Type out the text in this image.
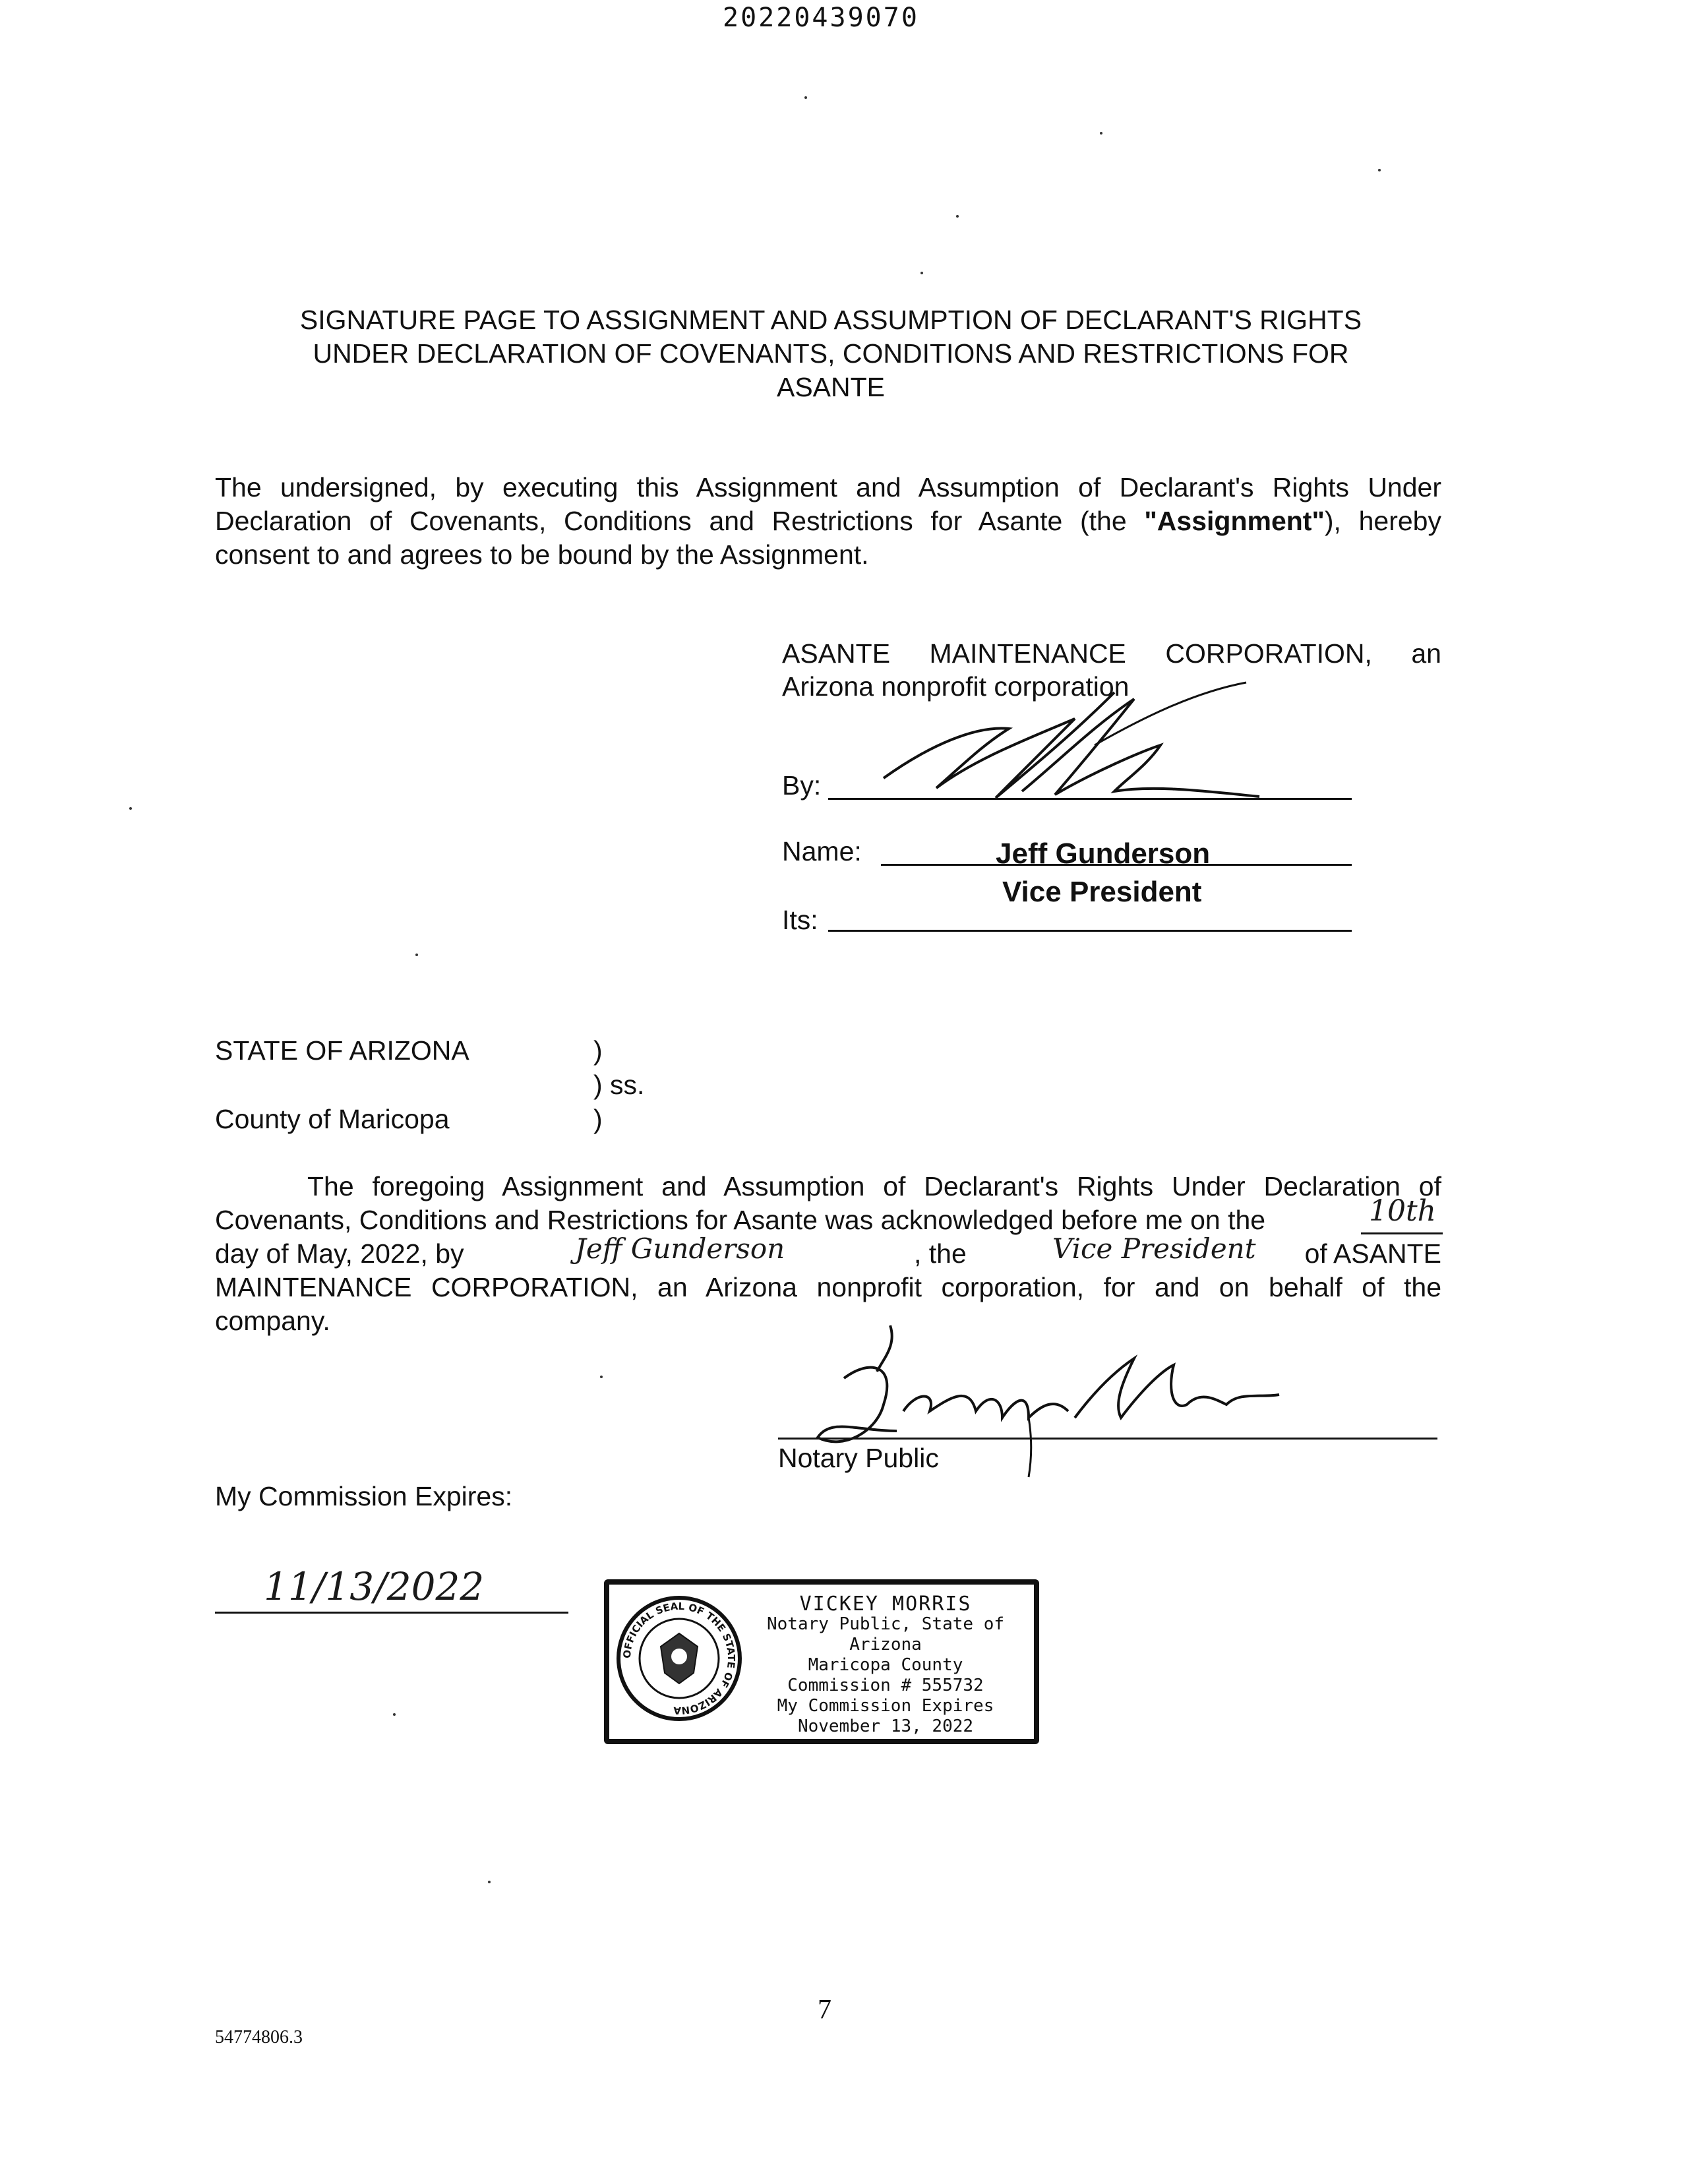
20220439070
SIGNATURE PAGE TO ASSIGNMENT AND ASSUMPTION OF DECLARANT'S RIGHTS
UNDER DECLARATION OF COVENANTS, CONDITIONS AND RESTRICTIONS FOR
ASANTE
The undersigned, by executing this Assignment and Assumption of Declarant's Rights Under
Declaration of Covenants, Conditions and Restrictions for Asante (the "Assignment"), hereby
consent to and agrees to be bound by the Assignment.
ASANTE MAINTENANCE CORPORATION, an
Arizona nonprofit corporation
By:
Name:	Jeff Gunderson
Vice President
Its:
STATE OF ARIZONA	)
) ss.
County of Maricopa	)
The foregoing Assignment and Assumption of Declarant's Rights Under Declaration of
Covenants, Conditions and Restrictions for Asante was acknowledged before me on the	10th
day of May, 2022, by	Jeff Gunderson	, the	Vice President of ASANTE
MAINTENANCE CORPORATION, an Arizona nonprofit corporation, for and on behalf of the
company.
Notary Public
My Commission Expires:
11/13/2022
OFFICIAL SEAL OF THE STATE OF ARIZONA
VICKEY MORRIS
Notary Public, State of Arizona
Maricopa County
Commission # 555732
My Commission Expires
November 13, 2022
7
54774806.3
